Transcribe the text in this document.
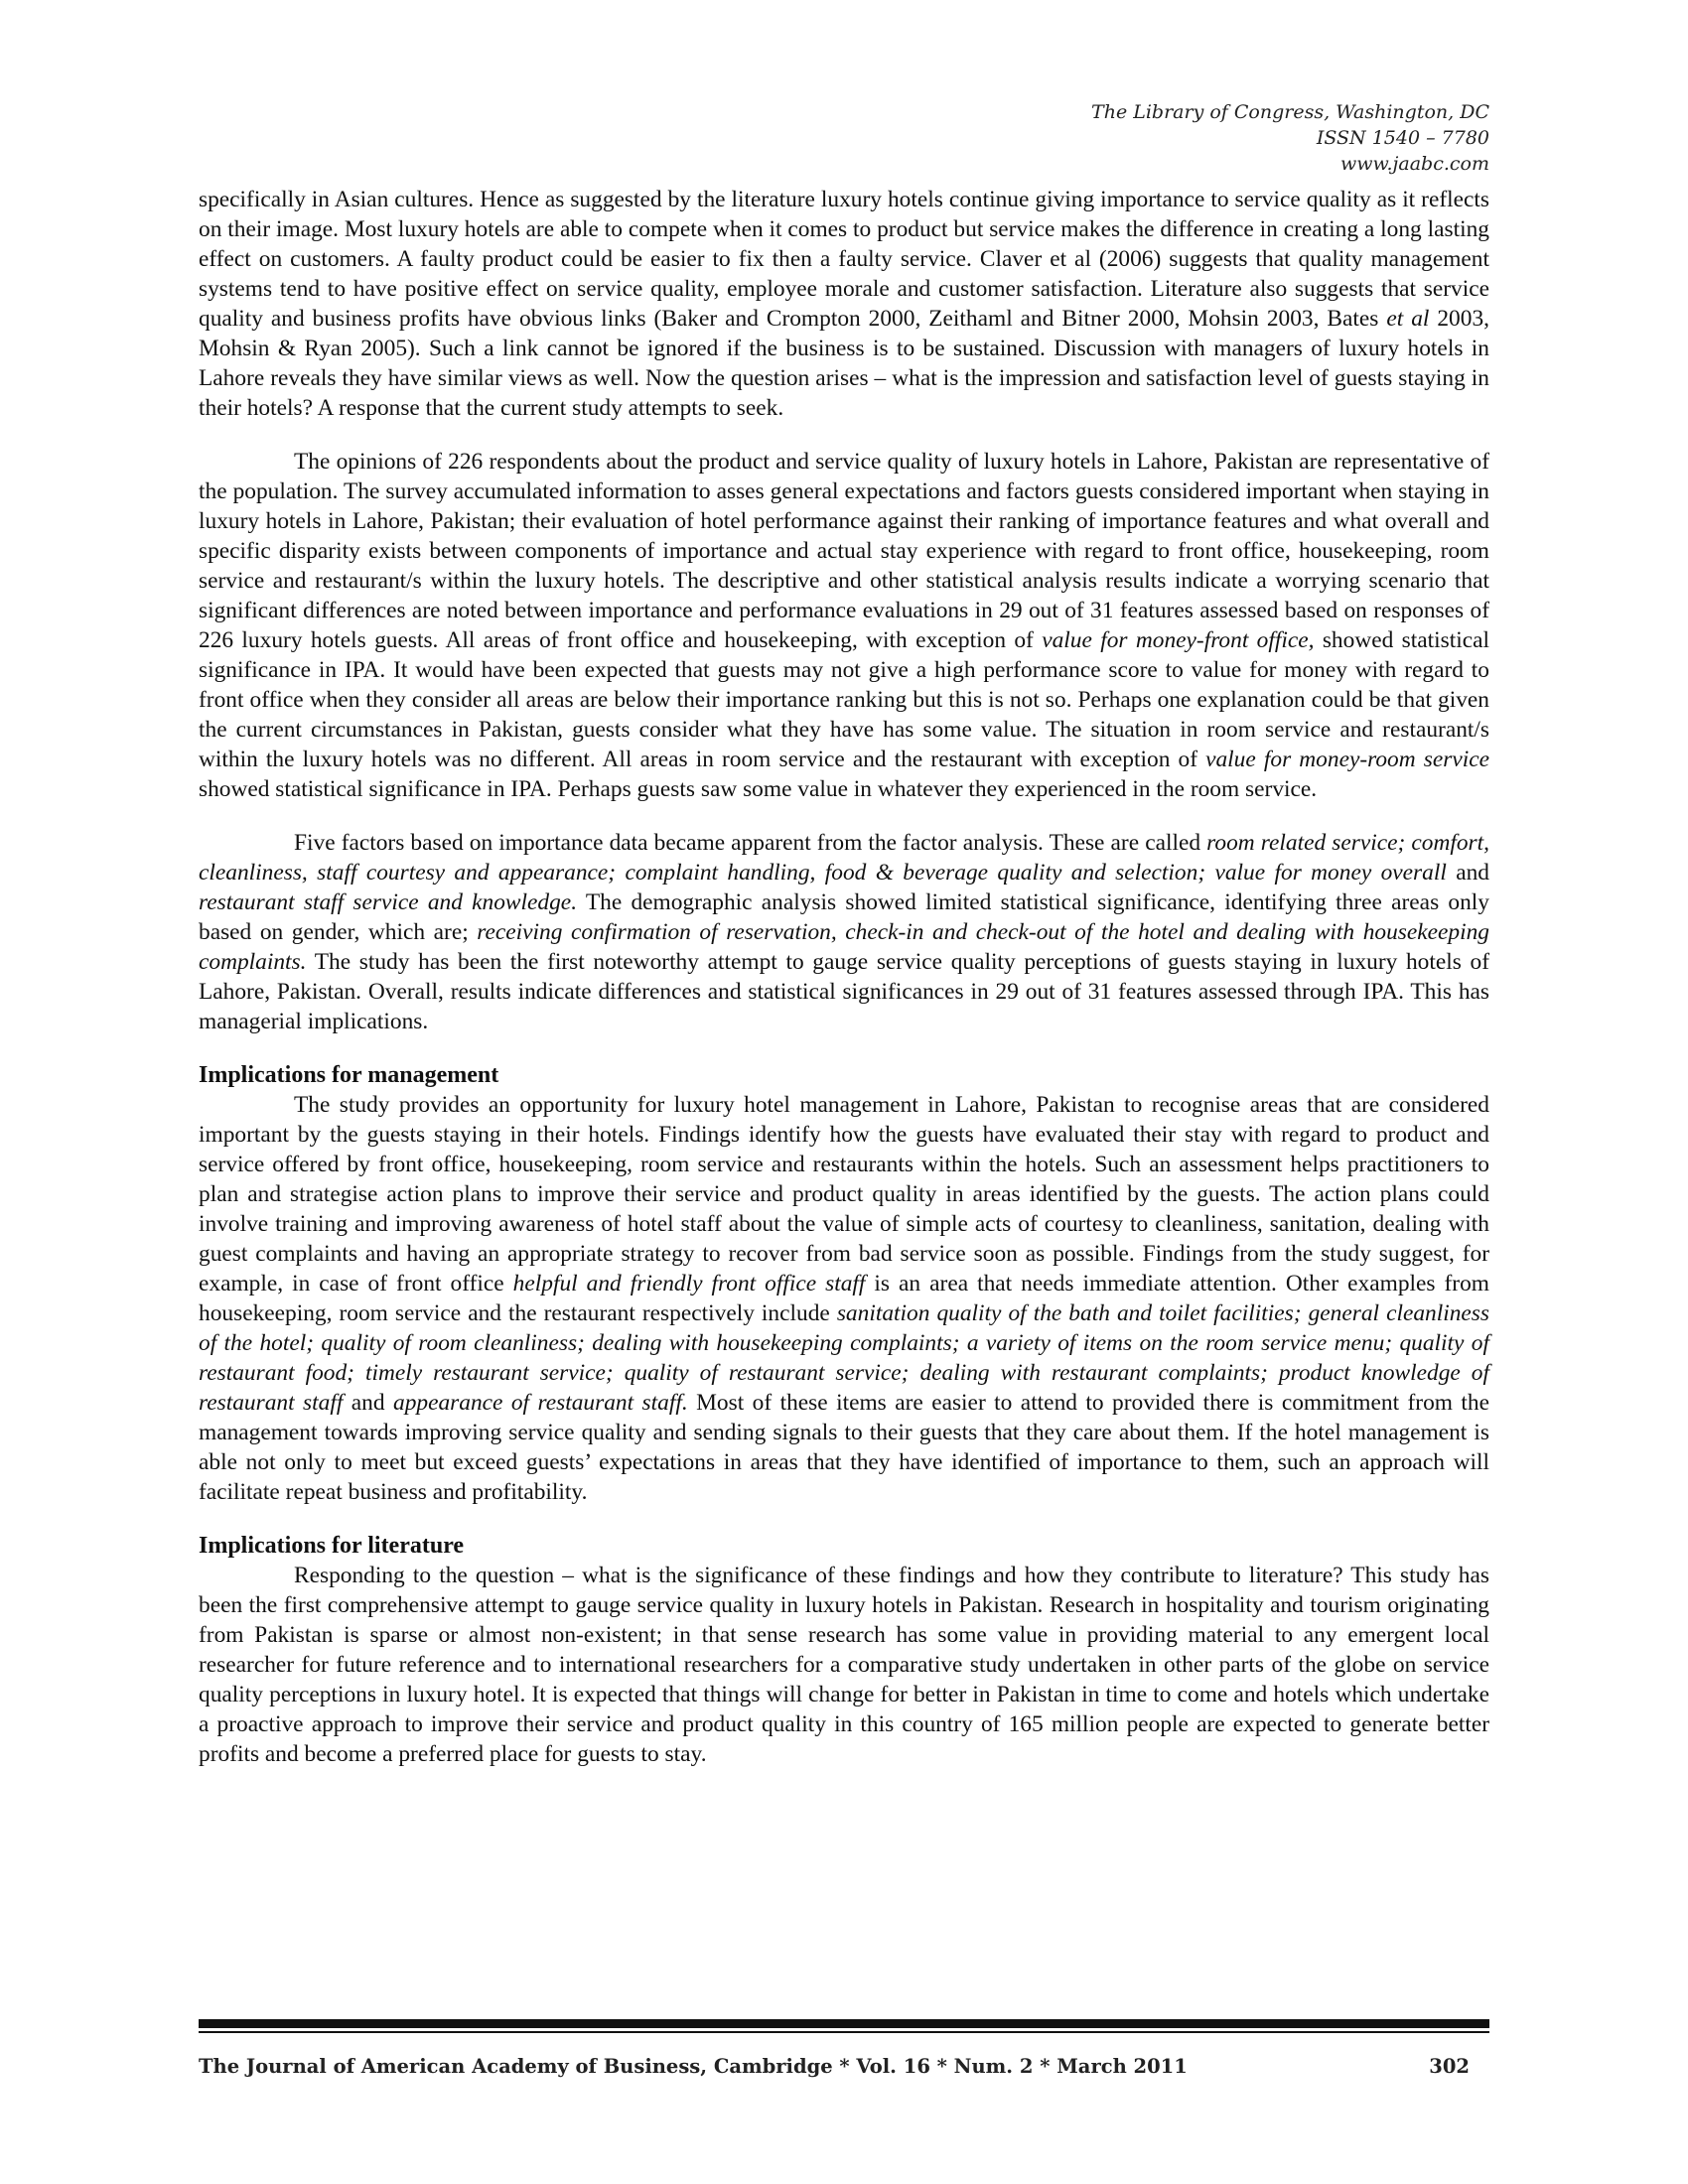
The Library of Congress, Washington, DC
ISSN 1540 – 7780
www.jaabc.com

specifically in Asian cultures. Hence as suggested by the literature luxury hotels continue giving importance to service quality as it reflects on their image. Most luxury hotels are able to compete when it comes to product but service makes the difference in creating a long lasting effect on customers. A faulty product could be easier to fix then a faulty service. Claver et al (2006) suggests that quality management systems tend to have positive effect on service quality, employee morale and customer satisfaction. Literature also suggests that service quality and business profits have obvious links (Baker and Crompton 2000, Zeithaml and Bitner 2000, Mohsin 2003, Bates et al 2003, Mohsin & Ryan 2005). Such a link cannot be ignored if the business is to be sustained. Discussion with managers of luxury hotels in Lahore reveals they have similar views as well. Now the question arises – what is the impression and satisfaction level of guests staying in their hotels? A response that the current study attempts to seek.

The opinions of 226 respondents about the product and service quality of luxury hotels in Lahore, Pakistan are representative of the population. The survey accumulated information to asses general expectations and factors guests considered important when staying in luxury hotels in Lahore, Pakistan; their evaluation of hotel performance against their ranking of importance features and what overall and specific disparity exists between components of importance and actual stay experience with regard to front office, housekeeping, room service and restaurant/s within the luxury hotels. The descriptive and other statistical analysis results indicate a worrying scenario that significant differences are noted between importance and performance evaluations in 29 out of 31 features assessed based on responses of 226 luxury hotels guests. All areas of front office and housekeeping, with exception of value for money-front office, showed statistical significance in IPA. It would have been expected that guests may not give a high performance score to value for money with regard to front office when they consider all areas are below their importance ranking but this is not so. Perhaps one explanation could be that given the current circumstances in Pakistan, guests consider what they have has some value. The situation in room service and restaurant/s within the luxury hotels was no different. All areas in room service and the restaurant with exception of value for money-room service showed statistical significance in IPA. Perhaps guests saw some value in whatever they experienced in the room service.

Five factors based on importance data became apparent from the factor analysis. These are called room related service; comfort, cleanliness, staff courtesy and appearance; complaint handling, food & beverage quality and selection; value for money overall and restaurant staff service and knowledge. The demographic analysis showed limited statistical significance, identifying three areas only based on gender, which are; receiving confirmation of reservation, check-in and check-out of the hotel and dealing with housekeeping complaints. The study has been the first noteworthy attempt to gauge service quality perceptions of guests staying in luxury hotels of Lahore, Pakistan. Overall, results indicate differences and statistical significances in 29 out of 31 features assessed through IPA. This has managerial implications.

Implications for management

The study provides an opportunity for luxury hotel management in Lahore, Pakistan to recognise areas that are considered important by the guests staying in their hotels. Findings identify how the guests have evaluated their stay with regard to product and service offered by front office, housekeeping, room service and restaurants within the hotels. Such an assessment helps practitioners to plan and strategise action plans to improve their service and product quality in areas identified by the guests. The action plans could involve training and improving awareness of hotel staff about the value of simple acts of courtesy to cleanliness, sanitation, dealing with guest complaints and having an appropriate strategy to recover from bad service soon as possible. Findings from the study suggest, for example, in case of front office helpful and friendly front office staff is an area that needs immediate attention. Other examples from housekeeping, room service and the restaurant respectively include sanitation quality of the bath and toilet facilities; general cleanliness of the hotel; quality of room cleanliness; dealing with housekeeping complaints; a variety of items on the room service menu; quality of restaurant food; timely restaurant service; quality of restaurant service; dealing with restaurant complaints; product knowledge of restaurant staff and appearance of restaurant staff. Most of these items are easier to attend to provided there is commitment from the management towards improving service quality and sending signals to their guests that they care about them. If the hotel management is able not only to meet but exceed guests’ expectations in areas that they have identified of importance to them, such an approach will facilitate repeat business and profitability.

Implications for literature

Responding to the question – what is the significance of these findings and how they contribute to literature? This study has been the first comprehensive attempt to gauge service quality in luxury hotels in Pakistan. Research in hospitality and tourism originating from Pakistan is sparse or almost non-existent; in that sense research has some value in providing material to any emergent local researcher for future reference and to international researchers for a comparative study undertaken in other parts of the globe on service quality perceptions in luxury hotel. It is expected that things will change for better in Pakistan in time to come and hotels which undertake a proactive approach to improve their service and product quality in this country of 165 million people are expected to generate better profits and become a preferred place for guests to stay.

The Journal of American Academy of Business, Cambridge * Vol. 16 * Num. 2 * March 2011	302
